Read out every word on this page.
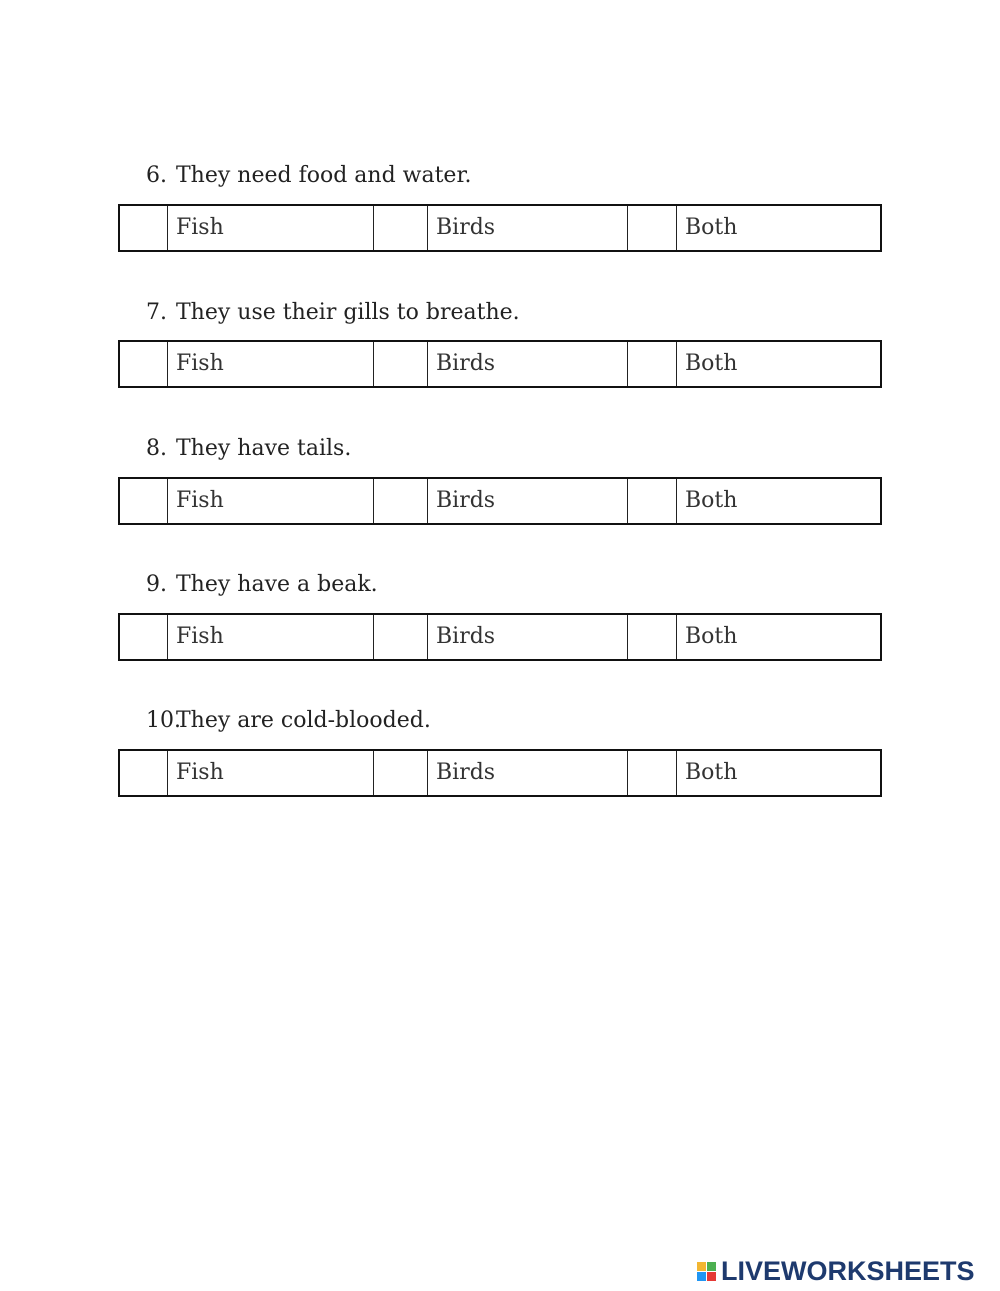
6. They need food and water.
Fish	Birds	Both
7. They use their gills to breathe.
Fish	Birds	Both
8. They have tails.
Fish	Birds	Both
9. They have a beak.
Fish	Birds	Both
10.They are cold-blooded.
Fish	Birds	Both
LIVEWORKSHEETS
